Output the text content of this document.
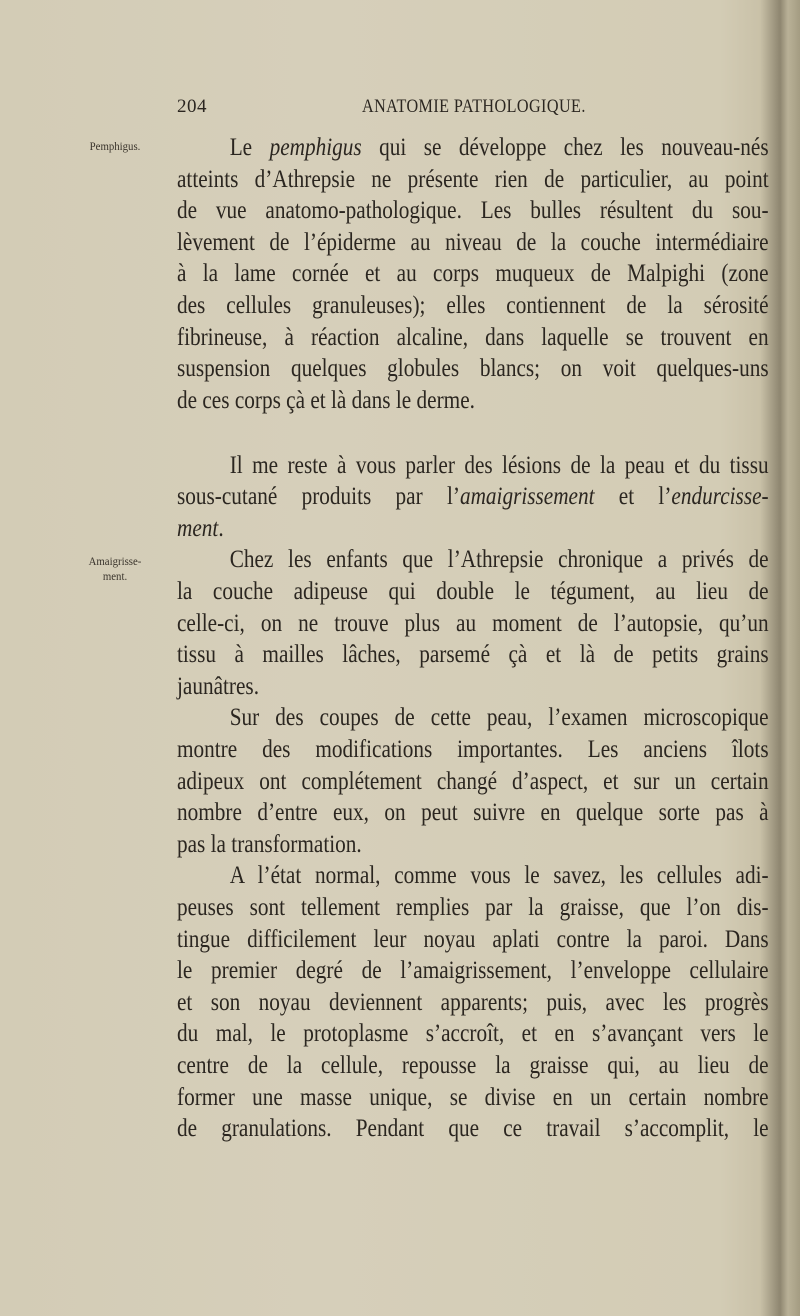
204	ANATOMIE PATHOLOGIQUE.
Pemphigus.
Amaigrisse-
ment.
Le pemphigus qui se développe chez les nouveau-nés
atteints d’Athrepsie ne présente rien de particulier, au point
de vue anatomo-pathologique. Les bulles résultent du sou-
lèvement de l’épiderme au niveau de la couche intermédiaire
à la lame cornée et au corps muqueux de Malpighi (zone
des cellules granuleuses); elles contiennent de la sérosité
fibrineuse, à réaction alcaline, dans laquelle se trouvent en
suspension quelques globules blancs; on voit quelques-uns
de ces corps çà et là dans le derme.
Il me reste à vous parler des lésions de la peau et du tissu
sous-cutané produits par l’amaigrissement et l’endurcisse-
ment.
Chez les enfants que l’Athrepsie chronique a privés de
la couche adipeuse qui double le tégument, au lieu de
celle-ci, on ne trouve plus au moment de l’autopsie, qu’un
tissu à mailles lâches, parsemé çà et là de petits grains
jaunâtres.
Sur des coupes de cette peau, l’examen microscopique
montre des modifications importantes. Les anciens îlots
adipeux ont complétement changé d’aspect, et sur un certain
nombre d’entre eux, on peut suivre en quelque sorte pas à
pas la transformation.
A l’état normal, comme vous le savez, les cellules adi-
peuses sont tellement remplies par la graisse, que l’on dis-
tingue difficilement leur noyau aplati contre la paroi. Dans
le premier degré de l’amaigrissement, l’enveloppe cellulaire
et son noyau deviennent apparents; puis, avec les progrès
du mal, le protoplasme s’accroît, et en s’avançant vers le
centre de la cellule, repousse la graisse qui, au lieu de
former une masse unique, se divise en un certain nombre
de granulations. Pendant que ce travail s’accomplit, le
